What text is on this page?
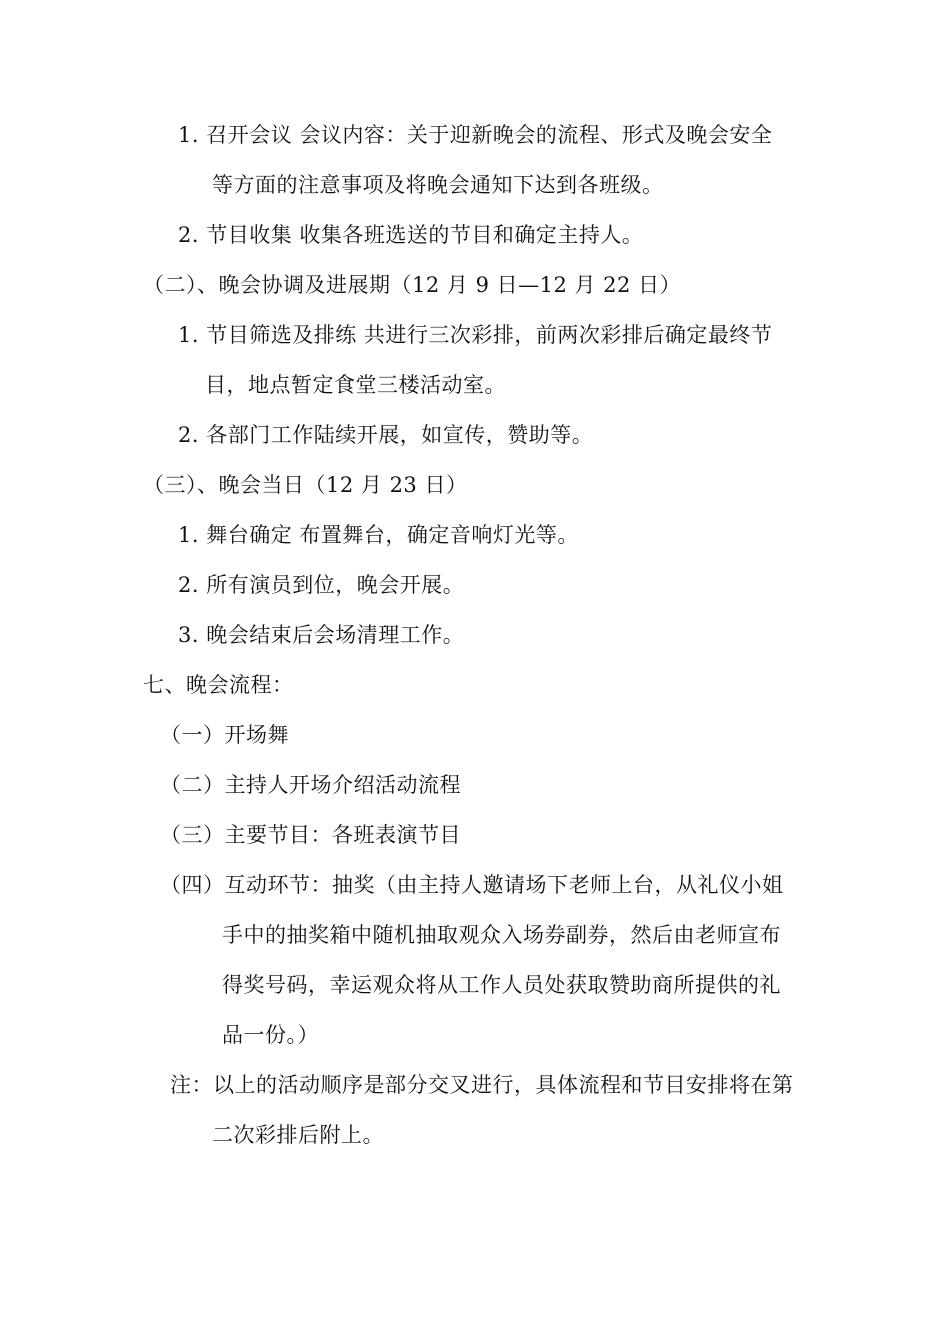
1. 召开会议 会议内容：关于迎新晚会的流程、形式及晚会安全
等方面的注意事项及将晚会通知下达到各班级。
2. 节目收集 收集各班选送的节目和确定主持人。
（二）、晚会协调及进展期（12 月 9 日—12 月 22 日）
1. 节目筛选及排练 共进行三次彩排，前两次彩排后确定最终节
目，地点暂定食堂三楼活动室。
2. 各部门工作陆续开展，如宣传，赞助等。
（三）、晚会当日（12 月 23 日）
1. 舞台确定 布置舞台，确定音响灯光等。
2. 所有演员到位，晚会开展。
3. 晚会结束后会场清理工作。
七、晚会流程：
（一）开场舞
（二）主持人开场介绍活动流程
（三）主要节目：各班表演节目
（四）互动环节：抽奖（由主持人邀请场下老师上台，从礼仪小姐
手中的抽奖箱中随机抽取观众入场券副券，然后由老师宣布
得奖号码，幸运观众将从工作人员处获取赞助商所提供的礼
品一份。）
注：以上的活动顺序是部分交叉进行，具体流程和节目安排将在第
二次彩排后附上。
